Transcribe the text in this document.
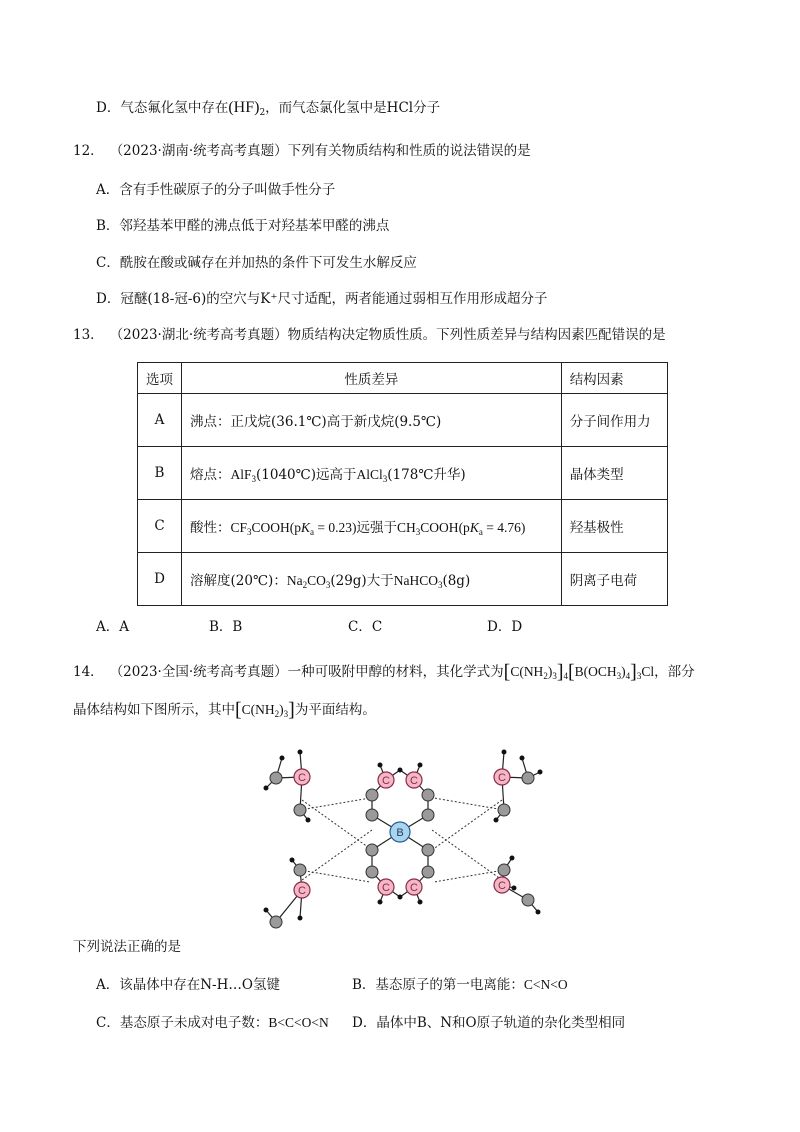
D．气态氟化氢中存在$(HF)_2$，而气态氯化氢中是HCl分子
12． （2023·湖南·统考高考真题）下列有关物质结构和性质的说法错误的是
A．含有手性碳原子的分子叫做手性分子
B．邻羟基苯甲醛的沸点低于对羟基苯甲醛的沸点
C．酰胺在酸或碱存在并加热的条件下可发生水解反应
D．冠醚(18-冠-6)的空穴与K⁺尺寸适配，两者能通过弱相互作用形成超分子
13． （2023·湖北·统考高考真题）物质结构决定物质性质。下列性质差异与结构因素匹配错误的是
选项	性质差异	结构因素
A	沸点：正戊烷(36.1℃)高于新戊烷(9.5℃)	分子间作用力
B	熔点：AlF$_3$(1040℃)远高于AlCl$_3$(178℃升华)	晶体类型
C	酸性：$CF_3COOH(pK_a = 0.23)$远强于$CH_3COOH(pK_a = 4.76)$	羟基极性
D	溶解度(20℃)：$Na_2CO_3(29g)$大于NaHCO$_3$(8g)	阴离子电荷
A．A	B．B	C．C	D．D
14． （2023·全国·统考高考真题）一种可吸附甲醇的材料，其化学式为$[C(NH_2)_3]_4[B(OCH_3)_4]_3Cl$，部分
晶体结构如下图所示，其中$[C(NH_2)_3]$为平面结构。
C
C
C
C
C C
C C
B
下列说法正确的是
A．该晶体中存在N-H…O氢键	B．基态原子的第一电离能：C<N<O
C．基态原子未成对电子数：B<C<O<N D．晶体中B、N和O原子轨道的杂化类型相同
